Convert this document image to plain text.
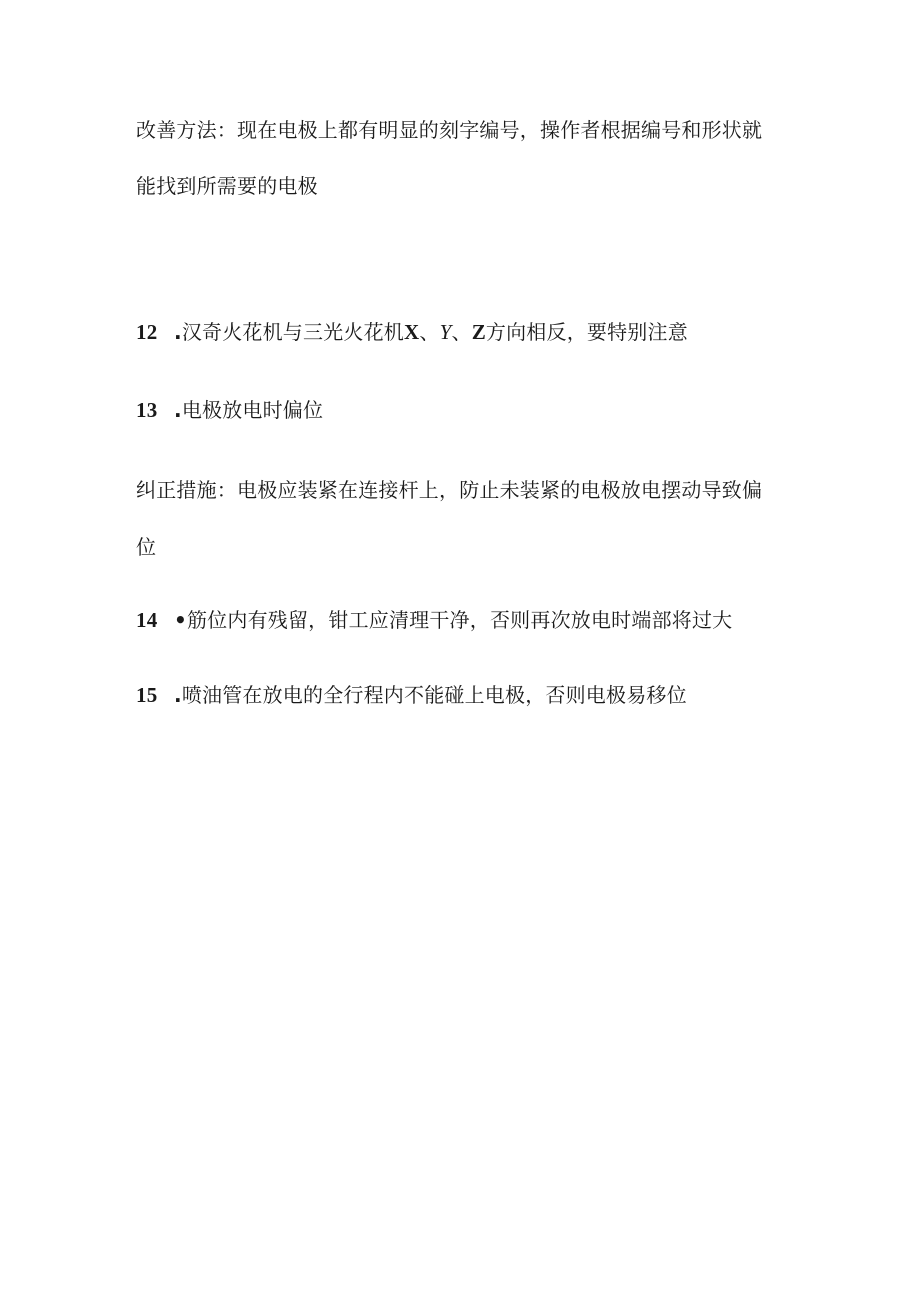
改善方法：现在电极上都有明显的刻字编号，操作者根据编号和形状就
能找到所需要的电极
12 .汉奇火花机与三光火花机X、Y、Z方向相反，要特别注意
13 .电极放电时偏位
纠正措施：电极应装紧在连接杆上，防止未装紧的电极放电摆动导致偏
位
14 •筋位内有残留，钳工应清理干净，否则再次放电时端部将过大
15 .喷油管在放电的全行程内不能碰上电极，否则电极易移位
